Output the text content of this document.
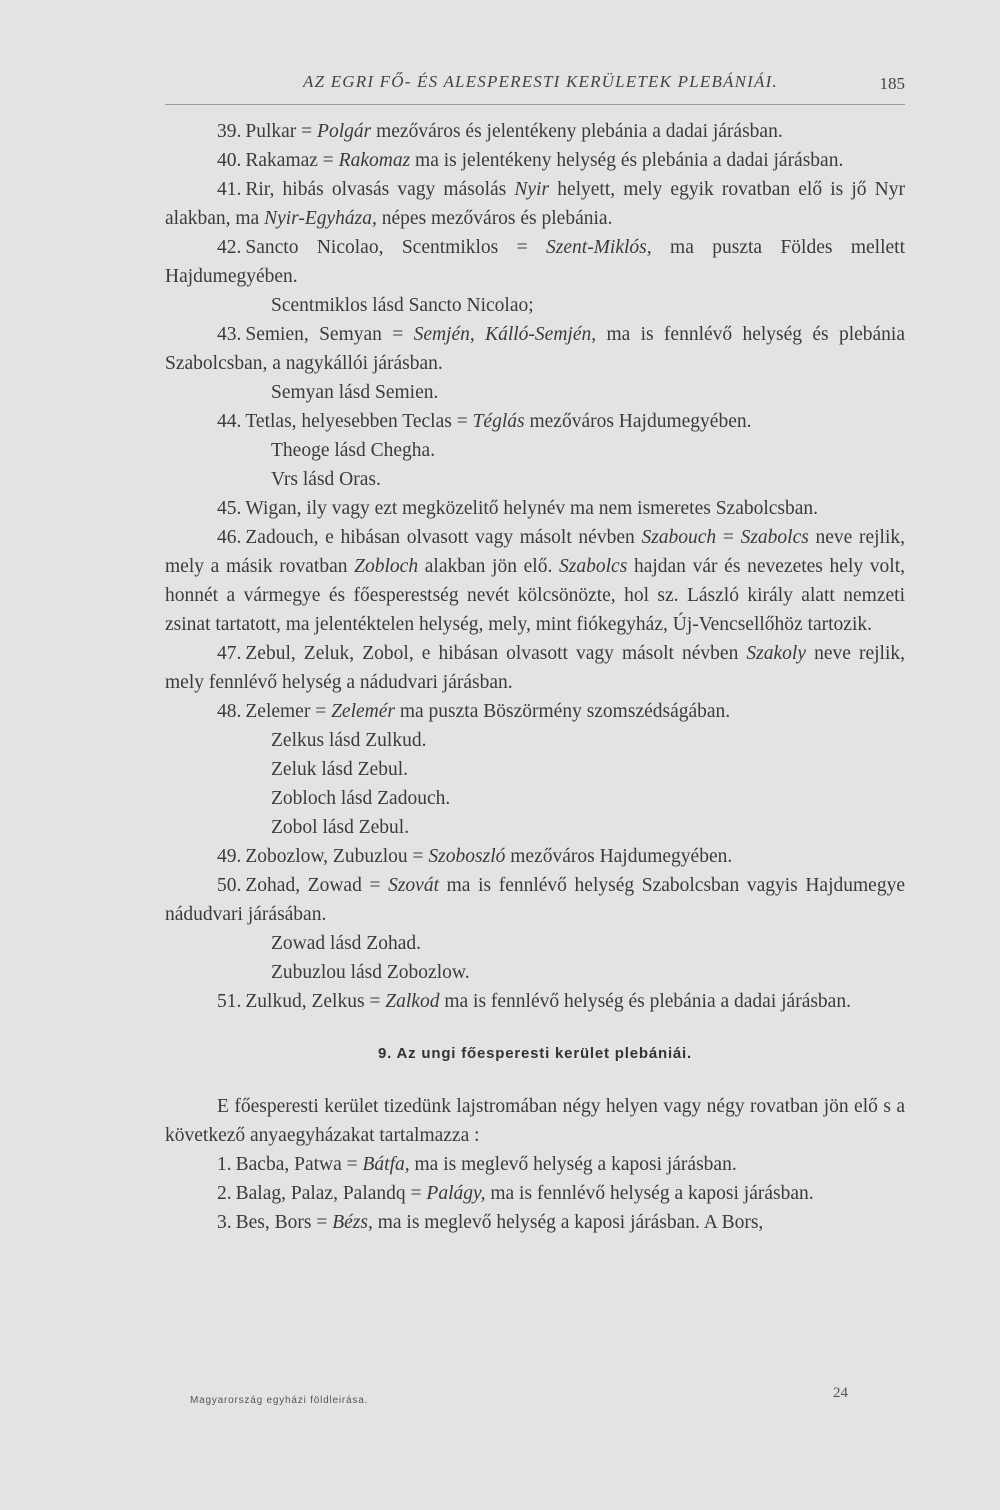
AZ EGRI FŐ- ÉS ALESPERESTI KERÜLETEK PLEBÁNIÁI.	185

39. Pulkar = Polgár mezőváros és jelentékeny plebánia a dadai járásban.

40. Rakamaz = Rakomaz ma is jelentékeny helység és plebánia a dadai járásban.

41. Rir, hibás olvasás vagy másolás Nyir helyett, mely egyik rovatban elő is jő Nyr alakban, ma Nyir-Egyháza, népes mezőváros és plebánia.

42. Sancto Nicolao, Scentmiklos = Szent-Miklós, ma puszta Földes mellett Hajdumegyében.

Scentmiklos lásd Sancto Nicolao;

43. Semien, Semyan = Semjén, Kálló-Semjén, ma is fennlévő helység és plebánia Szabolcsban, a nagykállói járásban.

Semyan lásd Semien.

44. Tetlas, helyesebben Teclas = Téglás mezőváros Hajdumegyében.

Theoge lásd Chegha.

Vrs lásd Oras.

45. Wigan, ily vagy ezt megközelitő helynév ma nem ismeretes Szabolcsban.

46. Zadouch, e hibásan olvasott vagy másolt névben Szabouch = Szabolcs neve rejlik, mely a másik rovatban Zobloch alakban jön elő. Szabolcs hajdan vár és nevezetes hely volt, honnét a vármegye és főesperestség nevét kölcsönözte, hol sz. László király alatt nemzeti zsinat tartatott, ma jelentéktelen helység, mely, mint fiókegyház, Új-Vencsellőhöz tartozik.

47. Zebul, Zeluk, Zobol, e hibásan olvasott vagy másolt névben Szakoly neve rejlik, mely fennlévő helység a nádudvari járásban.

48. Zelemer = Zelemér ma puszta Böszörmény szomszédságában.

Zelkus lásd Zulkud.

Zeluk lásd Zebul.

Zobloch lásd Zadouch.

Zobol lásd Zebul.

49. Zobozlow, Zubuzlou = Szoboszló mezőváros Hajdumegyében.

50. Zohad, Zowad = Szovát ma is fennlévő helység Szabolcsban vagyis Hajdumegye nádudvari járásában.

Zowad lásd Zohad.

Zubuzlou lásd Zobozlow.

51. Zulkud, Zelkus = Zalkod ma is fennlévő helység és plebánia a dadai járásban.

9. Az ungi főesperesti kerület plebániái.

E főesperesti kerület tizedünk lajstromában négy helyen vagy négy rovatban jön elő s a következő anyaegyházakat tartalmazza :

1. Bacba, Patwa = Bátfa, ma is meglevő helység a kaposi járásban.

2. Balag, Palaz, Palandq = Palágy, ma is fennlévő helység a kaposi járásban.

3. Bes, Bors = Bézs, ma is meglevő helység a kaposi járásban. A Bors,

Magyarország egyházi földleirása.	24
